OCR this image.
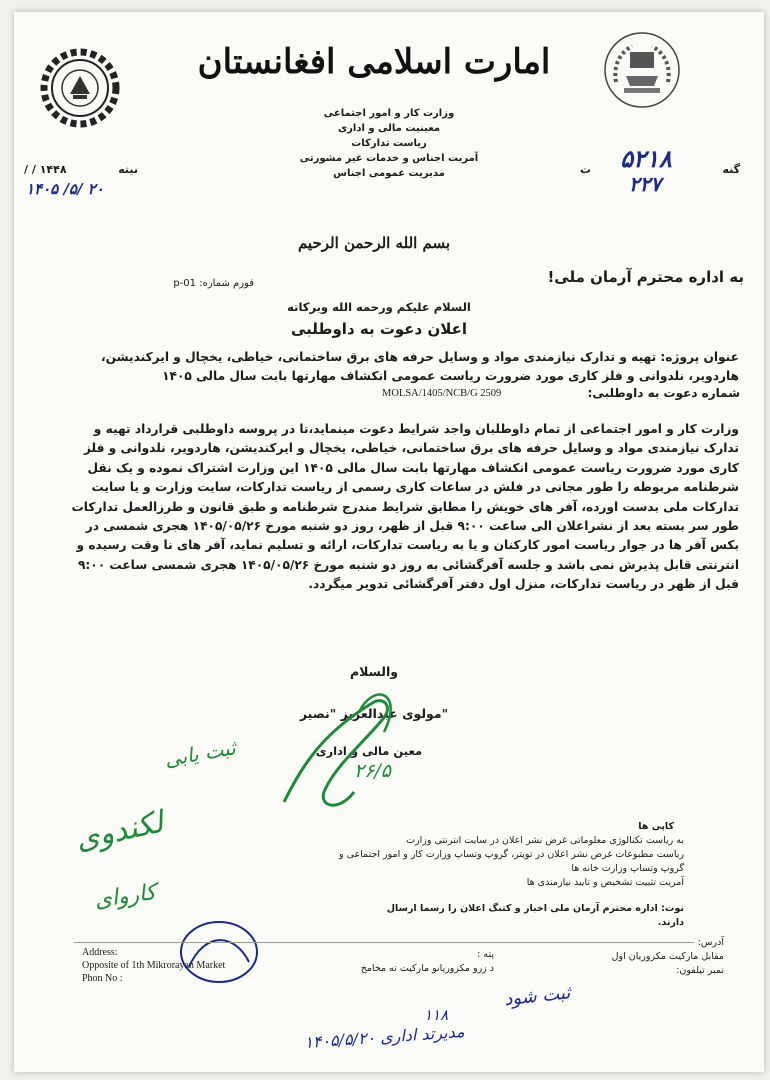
امارت اسلامی افغانستان
وزارت کار و امور اجتماعی
معینیت مالی و اداری
ریاست تدارکات
آمریت اجناس و خدمات غیر مشورتی
مدیریت عمومی اجناس	گنه
ت	۵۲۱۸
۲۲۷
نیته
/ / ۱۴۴۸
۱۴۰۵ /۵/ ۲۰
بسم الله الرحمن الرحیم
به اداره محترم آرمان ملی!
فورم شماره: p-01
السلام علیکم ورحمه الله وبرکاته
اعلان دعوت به داوطلبی
عنوان پروژه: تهیه و تدارک نیازمندی مواد و وسایل حرفه های برق ساختمانی، خیاطی، یخچال و ایرکندیشن، هاردویر، نلدوانی و فلز کاری مورد ضرورت ریاست عمومی انکشاف مهارتها بابت سال مالی ۱۴۰۵
شماره دعوت به داوطلبی:
MOLSA/1405/NCB/G 2509
وزارت کار و امور اجتماعی از تمام داوطلبان واجد شرایط دعوت مینماید،تا در پروسه داوطلبی قرارداد تهیه و تدارک نیازمندی مواد و وسایل حرفه های برق ساختمانی، خیاطی، یخچال و ایرکندیشن، هاردویر، نلدوانی و فلز کاری مورد ضرورت ریاست عمومی انکشاف مهارتها بابت سال مالی ۱۴۰۵ این وزارت اشتراک نموده و یک نقل شرطنامه مربوطه را طور مجانی در فلش در ساعات کاری رسمی از ریاست تدارکات، سایت وزارت و یا سایت تدارکات ملی بدست اورده، آفر های خویش را مطابق شرایط مندرج شرطنامه و طبق قانون و طرزالعمل تدارکات طور سر بسته بعد از نشراعلان الی ساعت ۹:۰۰ قبل از ظهر، روز دو شنبه مورخ ۱۴۰۵/۰۵/۲۶ هجری شمسی در بکس آفر ها در جوار ریاست امور کارکنان و یا به ریاست تدارکات، ارائه و تسلیم نماید، آفر های نا وقت رسیده و انترنتی قابل پذیرش نمی باشد و جلسه آفرگشائی به روز دو شنبه مورخ ۱۴۰۵/۰۵/۲۶ هجری شمسی ساعت ۹:۰۰ قبل از ظهر در ریاست تدارکات، منزل اول دفتر آفرگشائی تدویر میگردد.
والسلام
مولوی عبدالعزیز "نصیر"
معین مالی و اداری
۲۶/۵
ثبت یابی
لکندوی
کاروای
کاپی ها
به ریاست تکنالوژی معلوماتی غرض نشر اعلان در سایت انترنتی وزارت
ریاست مطبوعات غرض نشر اعلان در تویتر، گروپ وتساپ وزارت کار و امور اجتماعی و گروپ وتساپ وزارت خانه ها
آمریت تثبیت تشخیص و تایید نیازمندی ها
نوت: اداره محترم آرمان ملی اخبار و کتنگ اعلان را رسما ارسال دارند.
Address:
Opposite of 1th Mikrorayan Market
Phon No :
پته :
د زرو مکروریانو مارکیت ته مخامخ
آدرس:
مقابل مارکیت مکروریان اول
نمبر تیلفون:
ثبت شود
۱۱۸
۱۴۰۵/۵/۲۰ مدیرتد اداری
